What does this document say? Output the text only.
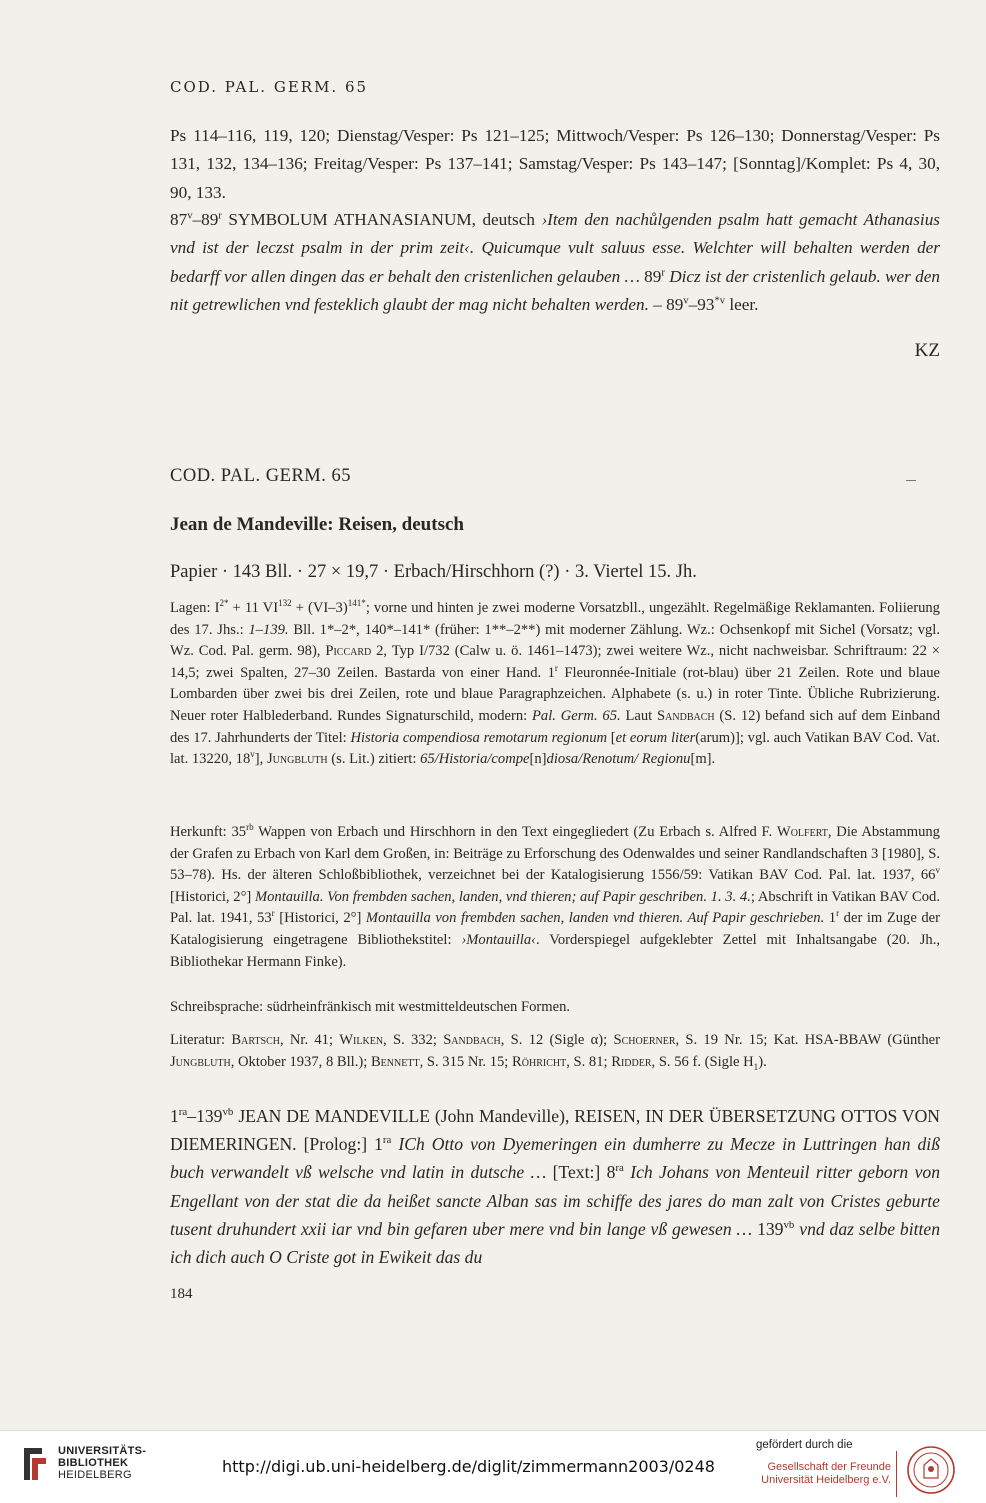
COD. PAL. GERM. 65
Ps 114–116, 119, 120; Dienstag/Vesper: Ps 121–125; Mittwoch/Vesper: Ps 126–130; Donnerstag/Vesper: Ps 131, 132, 134–136; Freitag/Vesper: Ps 137–141; Samstag/Vesper: Ps 143–147; [Sonntag]/Komplet: Ps 4, 30, 90, 133.
87$^v$–89$^r$ SYMBOLUM ATHANASIANUM, deutsch ›Item den nachůlgenden psalm hatt gemacht Athanasius vnd ist der leczst psalm in der prim zeit‹. Quicumque vult saluus esse. Welchter will behalten werden der bedarff vor allen dingen das er behalt den cristenlichen gelauben … 89$^r$ Dicz ist der cristenlich gelaub. wer den nit getrewlichen vnd festeklich glaubt der mag nicht behalten werden. – 89$^v$–93$^{*v}$ leer.
KZ
COD. PAL. GERM. 65
Jean de Mandeville: Reisen, deutsch
Papier · 143 Bll. · 27 × 19,7 · Erbach/Hirschhorn (?) · 3. Viertel 15. Jh.
Lagen: $I^{2*} + 11$ $VI^{132} + (VI-3)^{141*}$; vorne und hinten je zwei moderne Vorsatzbll., ungezählt. Regelmäßige Reklamanten. Foliierung des 17. Jhs.: 1–139. Bll. 1*–2*, 140*–141* (früher: 1**–2**) mit moderner Zählung. Wz.: Ochsenkopf mit Sichel (Vorsatz; vgl. Wz. Cod. Pal. germ. 98), Piccard 2, Typ I/732 (Calw u. ö. 1461–1473); zwei weitere Wz., nicht nachweisbar. Schriftraum: 22 × 14,5; zwei Spalten, 27–30 Zeilen. Bastarda von einer Hand. 1$^r$ Fleuronnée-Initiale (rot-blau) über 21 Zeilen. Rote und blaue Lombarden über zwei bis drei Zeilen, rote und blaue Paragraphzeichen. Alphabete (s. u.) in roter Tinte. Übliche Rubrizierung. Neuer roter Halblederband. Rundes Signaturschild, modern: Pal. Germ. 65. Laut Sandbach (S. 12) befand sich auf dem Einband des 17. Jahrhunderts der Titel: Historia compendiosa remotarum regionum [et eorum liter(arum)]; vgl. auch Vatikan BAV Cod. Vat. lat. 13220, 18$^v$], Jungbluth (s. Lit.) zitiert: 65/Historia/compe[n]diosa/Renotum/ Regionu[m].
Herkunft: $35^{rb}$ Wappen von Erbach und Hirschhorn in den Text eingegliedert (Zu Erbach s. Alfred F. Wolfert, Die Abstammung der Grafen zu Erbach von Karl dem Großen, in: Beiträge zu Erforschung des Odenwaldes und seiner Randlandschaften 3 [1980], S. 53–78). Hs. der älteren Schloßbibliothek, verzeichnet bei der Katalogisierung 1556/59: Vatikan BAV Cod. Pal. lat. 1937, 66$^v$ [Historici, 2°] Montauilla. Von frembden sachen, landen, vnd thieren; auf Papir geschriben. 1. 3. 4.; Abschrift in Vatikan BAV Cod. Pal. lat. 1941, 53$^r$ [Historici, 2°] Montauilla von frembden sachen, landen vnd thieren. Auf Papir geschrieben. 1$^r$ der im Zuge der Katalogisierung eingetragene Bibliothekstitel: ›Montauilla‹. Vorderspiegel aufgeklebter Zettel mit Inhaltsangabe (20. Jh., Bibliothekar Hermann Finke).
Schreibsprache: südrheinfränkisch mit westmitteldeutschen Formen.
Literatur: Bartsch, Nr. 41; Wilken, S. 332; Sandbach, S. 12 (Sigle α); Schoerner, S. 19 Nr. 15; Kat. HSA-BBAW (Günther Jungbluth, Oktober 1937, 8 Bll.); Bennett, S. 315 Nr. 15; Röhricht, S. 81; Ridder, S. 56 f. (Sigle $H_1$).
$1^{ra}-139^{vb}$ JEAN DE MANDEVILLE (John Mandeville), REISEN, IN DER ÜBERSETZUNG OTTOS VON DIEMERINGEN. [Prolog:] $1^{ra}$ ICh Otto von Dyemeringen ein dumherre zu Mecze in Luttringen han diß buch verwandelt vß welsche vnd latin in dutsche … [Text:] $8^{ra}$ Ich Johans von Menteuil ritter geborn von Engellant von der stat die da heißet sancte Alban sas im schiffe des jares do man zalt von Cristes geburte tusent druhundert xxii iar vnd bin gefaren uber mere vnd bin lange vß gewesen … $139^{vb}$ vnd daz selbe bitten ich dich auch O Criste got in Ewikeit das du
184
UNIVERSITÄTS-
BIBLIOTHEK
HEIDELBERG	http://digi.ub.uni-heidelberg.de/diglit/zimmermann2003/0248
gefördert durch die
Gesellschaft der Freunde
Universität Heidelberg e.V.
